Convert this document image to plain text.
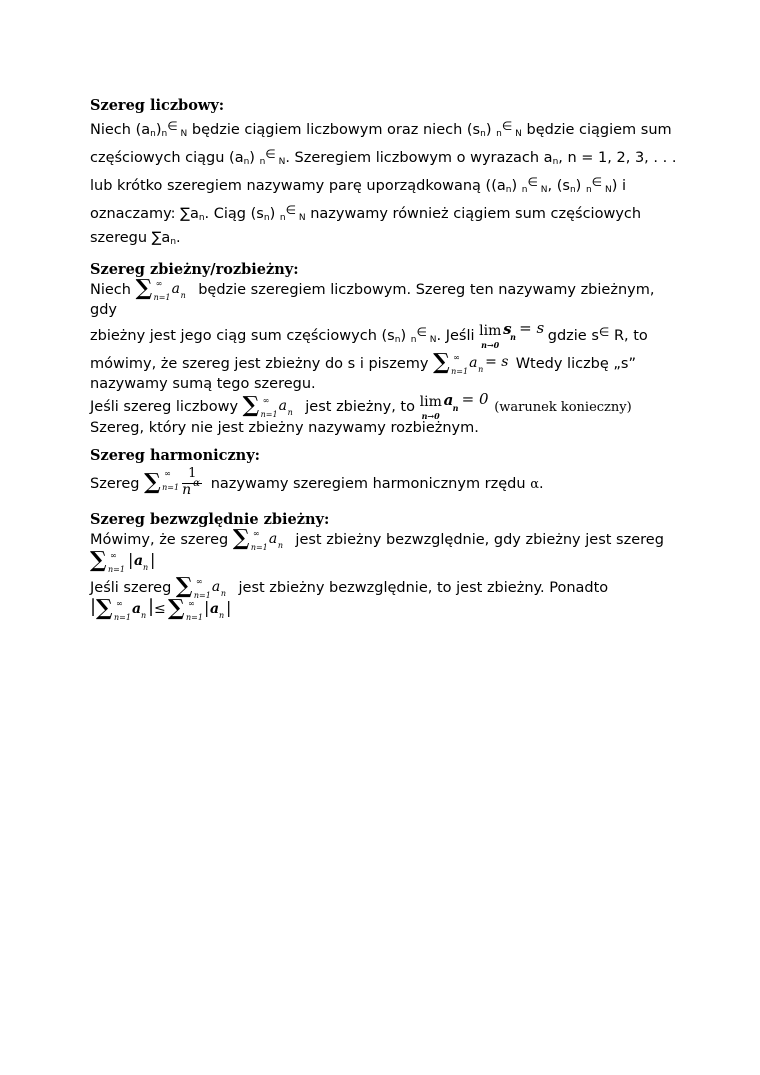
Szereg liczbowy:

Niech $(a_n)_n^\in$ $_N$ będzie ciągiem liczbowym oraz niech $(s_n)$ $_n$∈ $_N$ będzie ciągiem sum

częściowych ciągu $(a_n)$ $_n$∈ $_N$. Szeregiem liczbowym o wyrazach $a_n$, n = 1, 2, 3, . . .

lub krótko szeregiem nazywamy parę uporządkowaną ($(a_n)$ $_n$∈ $_N$, $(s_n)$ $_n$∈ $_N$) i

oznaczamy: $\sum a_n$. Ciąg $(s_n)$ $_n$∈ $_N$ nazywamy również ciągiem sum częściowych

szeregu $\sum a_n$.

Szereg zbieżny/rozbieżny:

Niech ∑ ∞
n=1
a n będzie szeregiem liczbowym. Szereg ten nazywamy zbieżnym,

gdy

zbieżny jest jego ciąg sum częściowych $(s_n)$ $_n$∈ $_N$. Jeśli lim
n→0
s
n = s gdzie s∈ R, to

mówimy, że szereg jest zbieżny do s i piszemy ∑ ∞
n=1
a n = s Wtedy liczbę „s”

nazywamy sumą tego szeregu.

Jeśli szereg liczbowy ∑ ∞
n=1
a n jest zbieżny, to lim
n→0
a n = 0 (warunek konieczny)

Szereg, który nie jest zbieżny nazywamy rozbieżnym.

Szereg harmoniczny:

Szereg ∑ ∞
n=1
1
n α nazywamy szeregiem harmonicznym rzędu α.

Szereg bezwzględnie zbieżny:

Mówimy, że szereg ∑ ∞
n=1
a n jest zbieżny bezwzględnie, gdy zbieżny jest szereg

∑ ∞
n=1
| a n |

Jeśli szereg ∑ ∞
n=1
a n jest zbieżny bezwzględnie, to jest zbieżny. Ponadto

| ∑ ∞
n=1
a n | ≤ ∑ ∞
n=1
| a n |
